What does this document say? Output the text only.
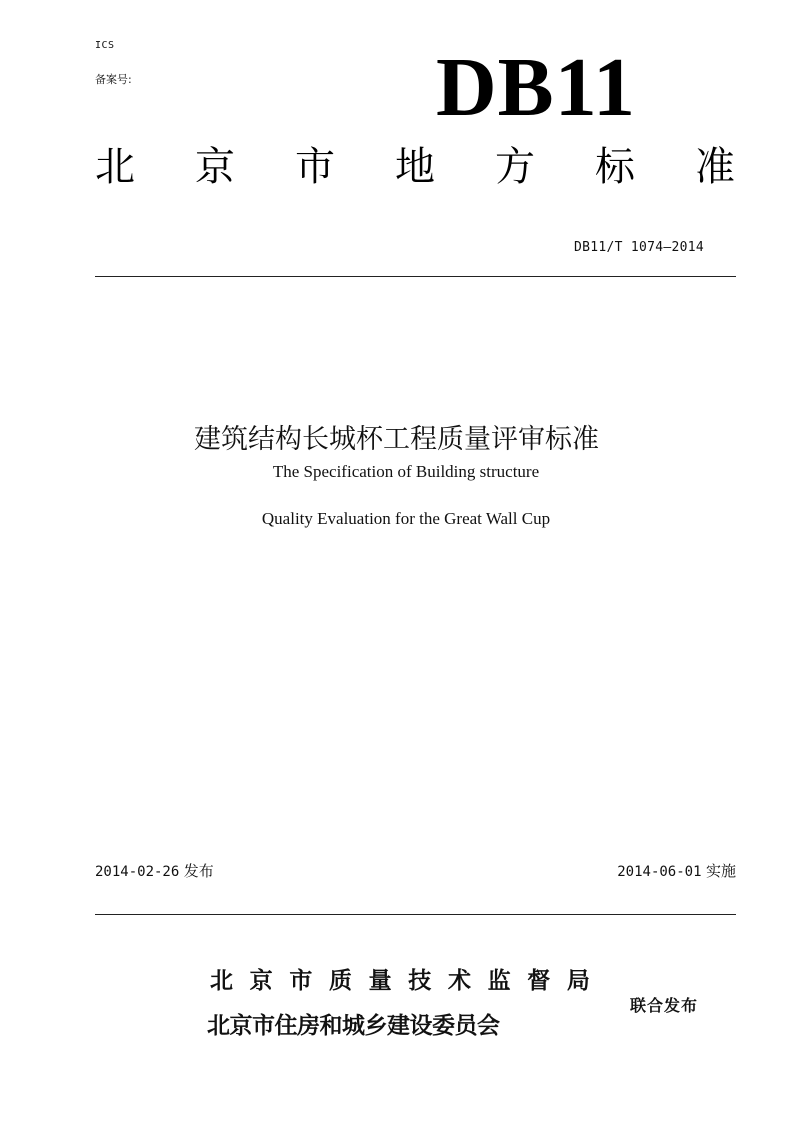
ICS
备案号:	DB11
北 京 市 地 方 标 准
DB11/T 1074—2014
建筑结构长城杯工程质量评审标准
The Specification of Building structure
Quality Evaluation for the Great Wall Cup
2014-02-26 发布	2014-06-01 实施
北 京 市 质 量 技 术 监 督 局
北京市住房和城乡建设委员会
联合发布
